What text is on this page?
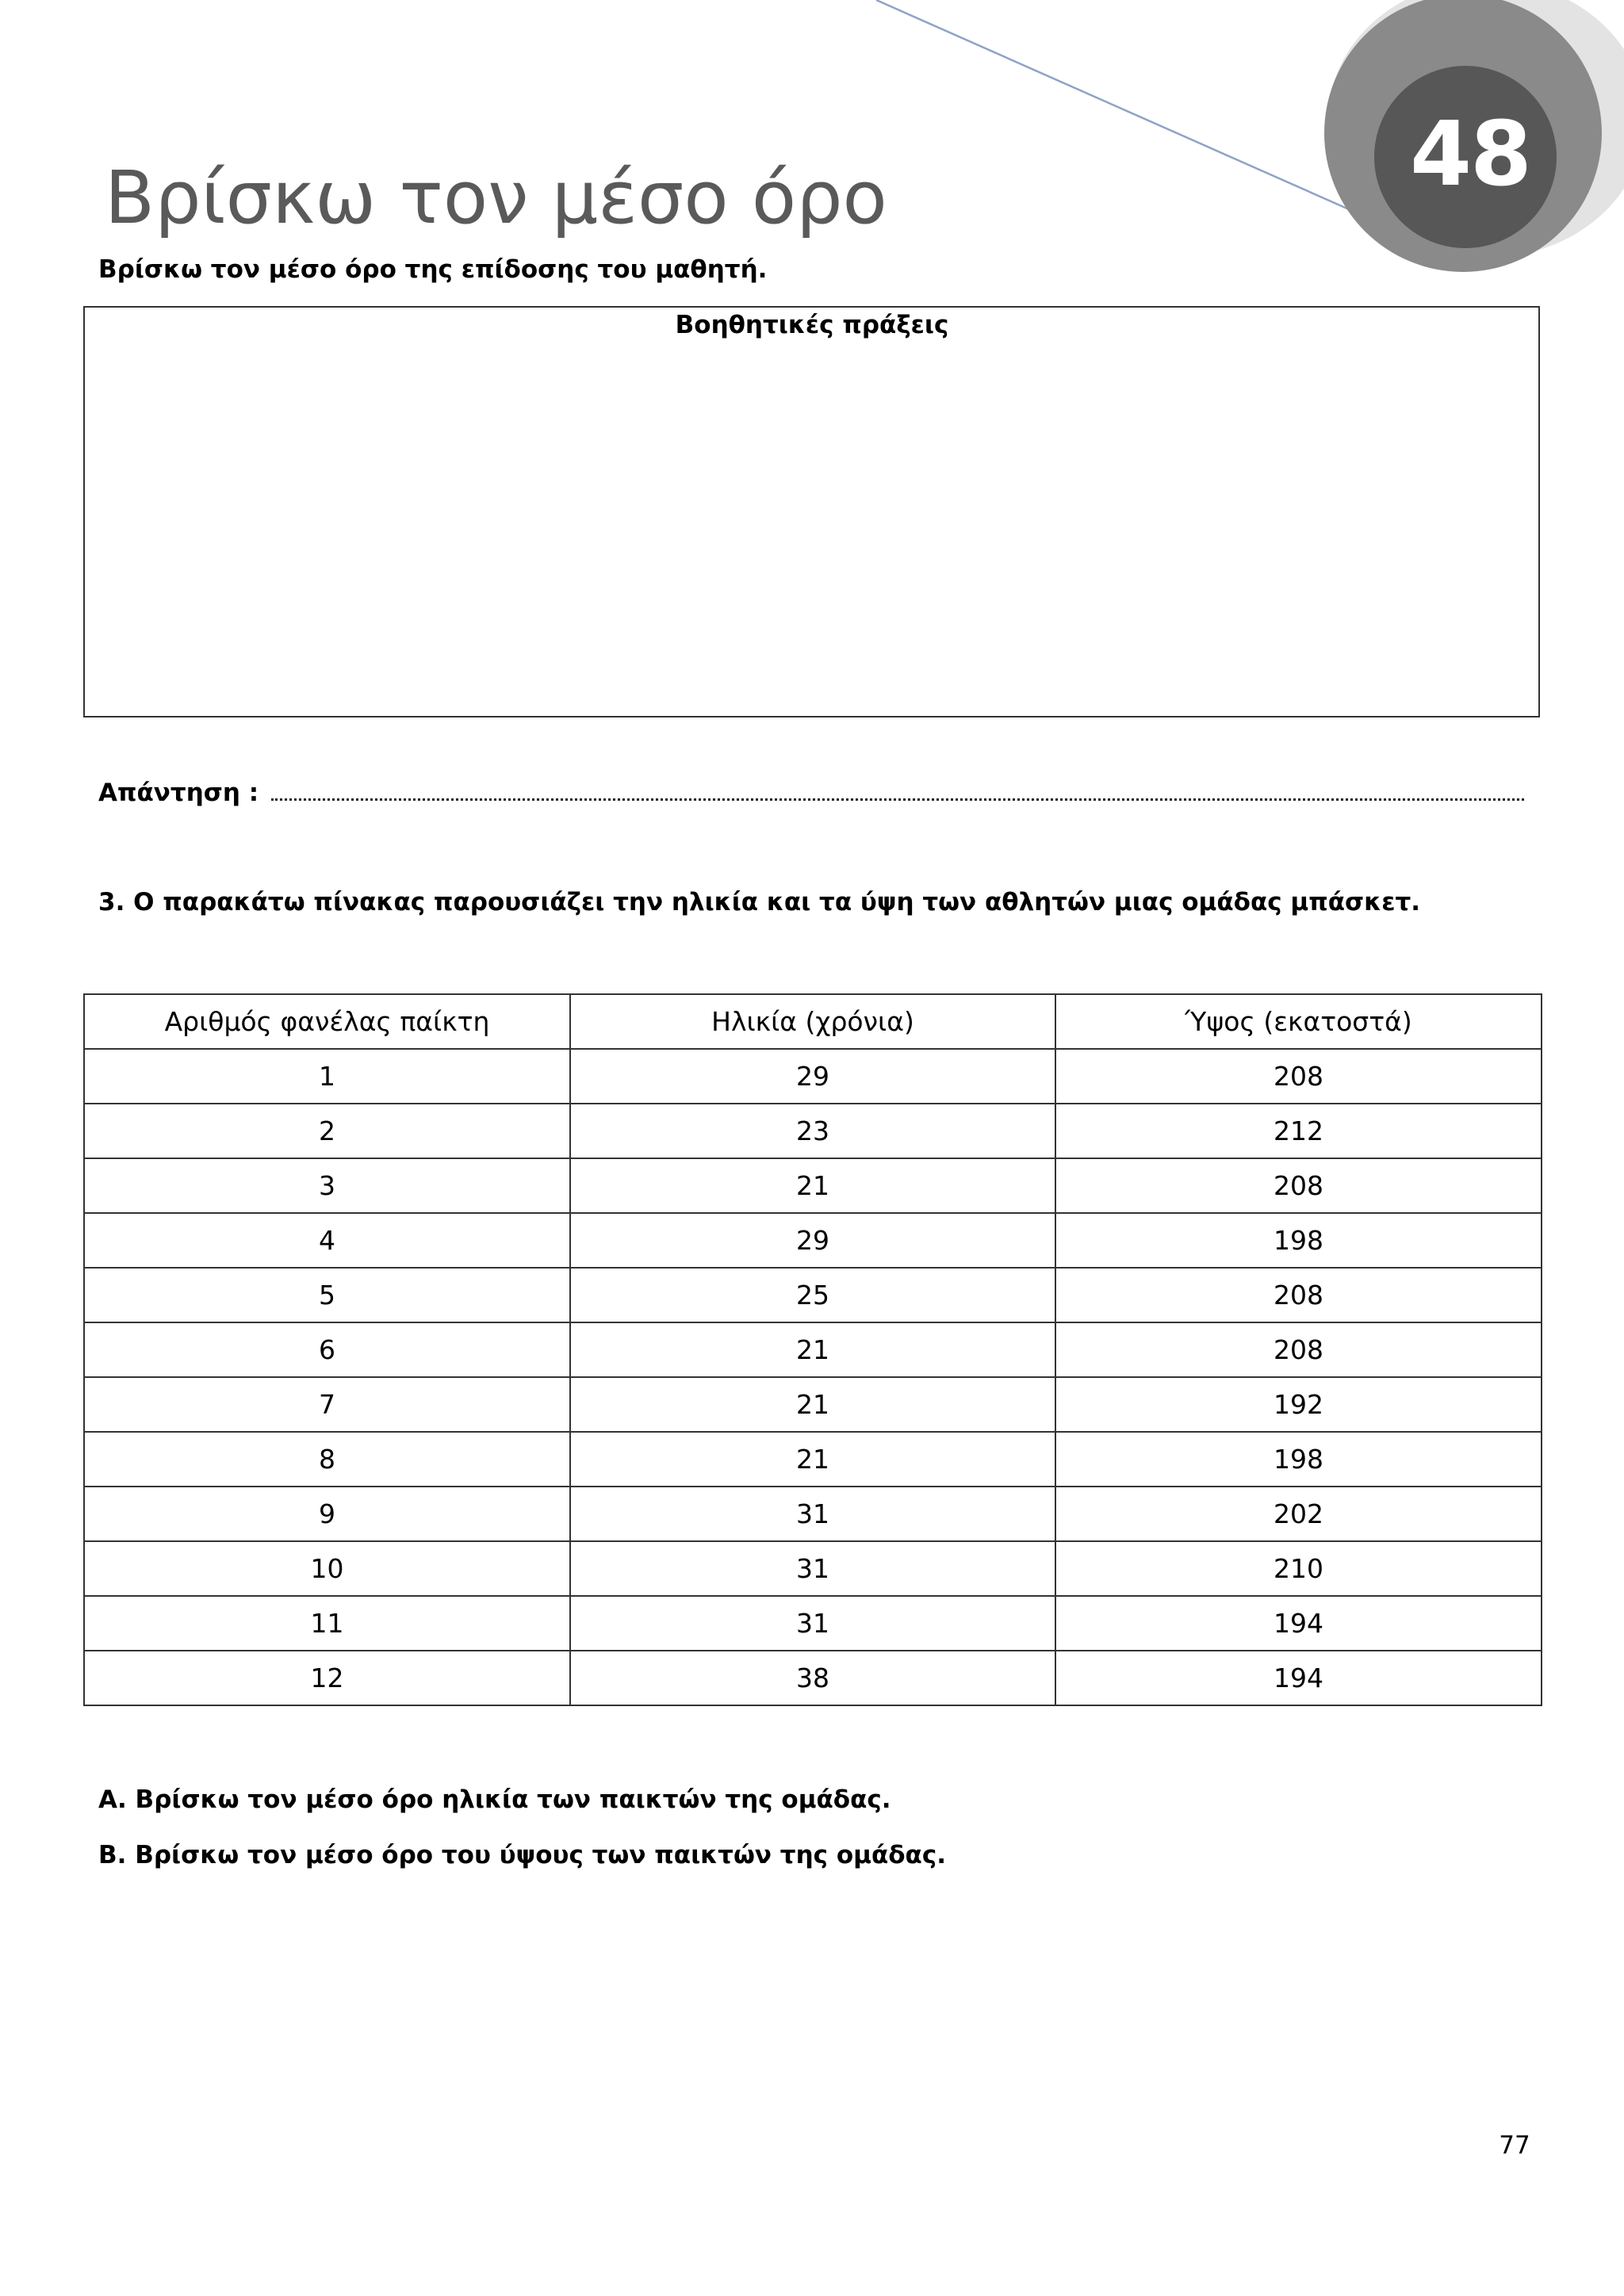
48
Βρίσκω τον μέσο όρο
Βρίσκω τον μέσο όρο της επίδοσης του μαθητή.
Βοηθητικές πράξεις
Απάντηση :
3. Ο παρακάτω πίνακας παρουσιάζει την ηλικία και τα ύψη των αθλητών μιας ομάδας μπάσκετ.
Αριθμός φανέλας παίκτη	Ηλικία (χρόνια)	Ύψος (εκατοστά)
1	29	208
2	23	212
3	21	208
4	29	198
5	25	208
6	21	208
7	21	192
8	21	198
9	31	202
10	31	210
11	31	194
12	38	194
Α. Βρίσκω τον μέσο όρο ηλικία των παικτών της ομάδας.
Β. Βρίσκω τον μέσο όρο του ύψους των παικτών της ομάδας.
77
